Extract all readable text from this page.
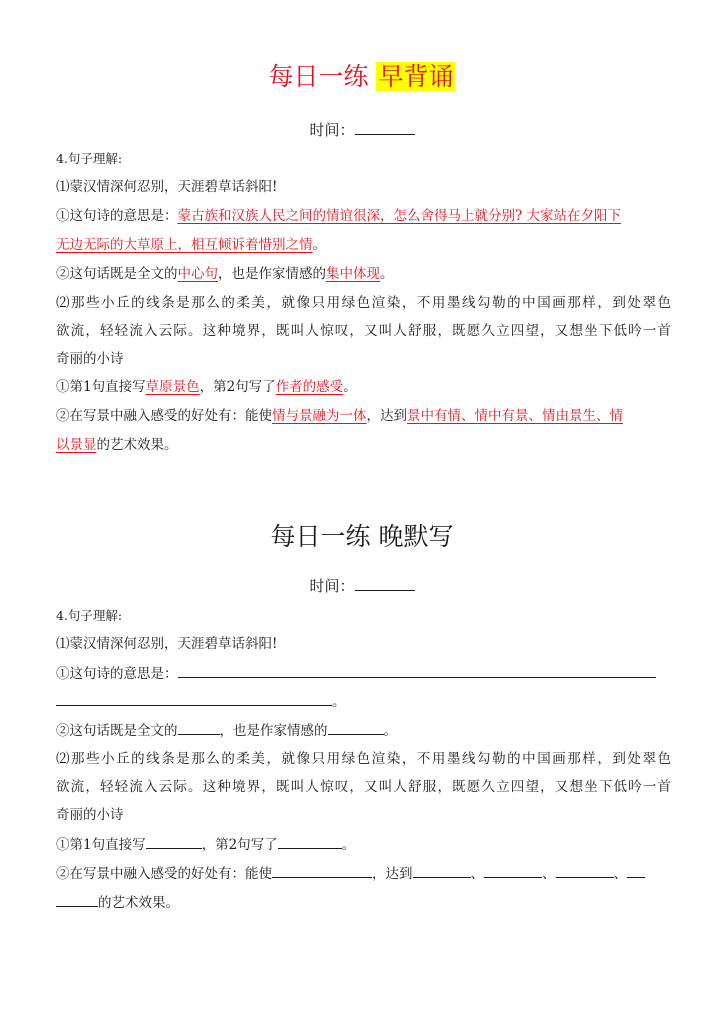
每日一练 早背诵
时间：
4.句子理解:
⑴蒙汉情深何忍别，天涯碧草话斜阳!
①这句诗的意思是：蒙古族和汉族人民之间的情谊很深，怎么舍得马上就分别? 大家站在夕阳下
无边无际的大草原上，相互倾诉着惜别之情。
②这句话既是全文的中心句，也是作家情感的集中体现。
⑵那些小丘的线条是那么的柔美，就像只用绿色渲染，不用墨线勾勒的中国画那样，到处翠色
欲流，轻轻流入云际。这种境界，既叫人惊叹，又叫人舒服，既愿久立四望，又想坐下低吟一首
奇丽的小诗
①第1句直接写草原景色，第2句写了作者的感受。
②在写景中融入感受的好处有：能使情与景融为一体，达到景中有情、情中有景、情由景生、情
以景显的艺术效果。
每日一练 晚默写
时间：
4.句子理解:
⑴蒙汉情深何忍别，天涯碧草话斜阳!
①这句诗的意思是：
。
②这句话既是全文的	，也是作家情感的	。
⑵那些小丘的线条是那么的柔美，就像只用绿色渲染，不用墨线勾勒的中国画那样，到处翠色
欲流，轻轻流入云际。这种境界，既叫人惊叹，又叫人舒服，既愿久立四望，又想坐下低吟一首
奇丽的小诗
①第1句直接写	，第2句写了	。
②在写景中融入感受的好处有：能使	，达到	、	、	、
的艺术效果。
